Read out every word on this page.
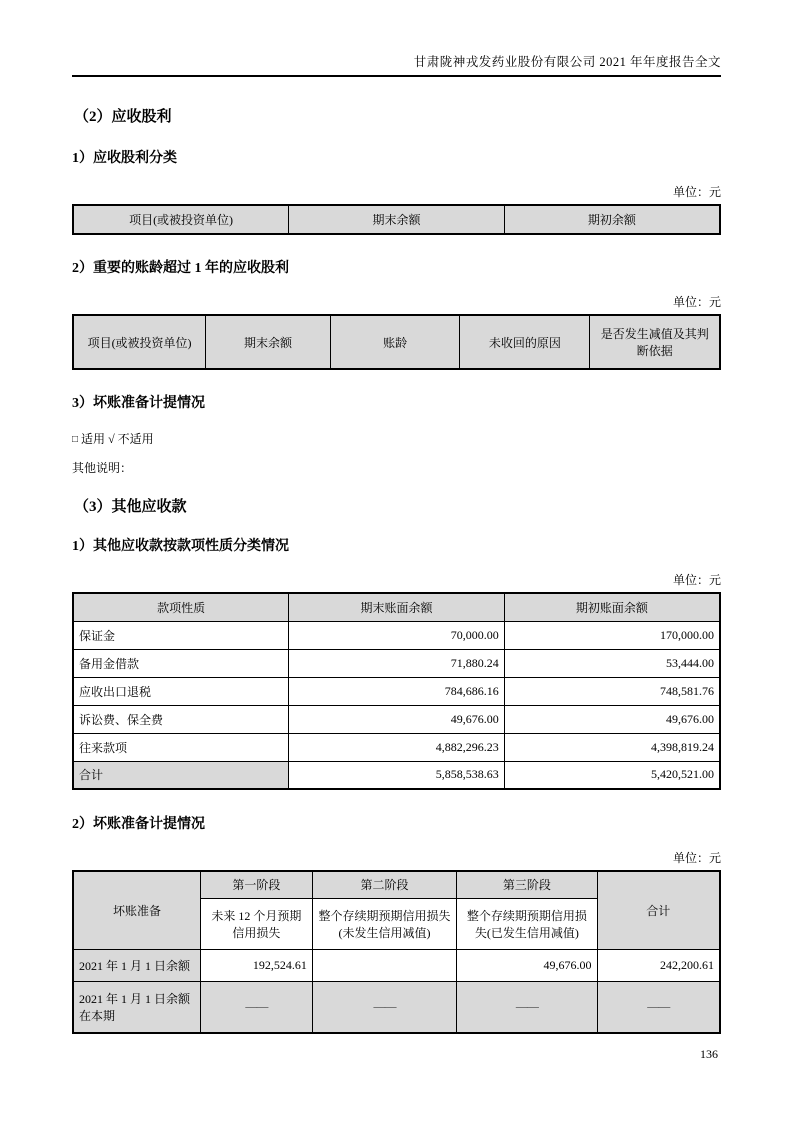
甘肃陇神戎发药业股份有限公司 2021 年年度报告全文
（2）应收股利
1）应收股利分类
单位：元
项目(或被投资单位)	期末余额	期初余额
2）重要的账龄超过 1 年的应收股利
单位：元
项目(或被投资单位)	期末余额	账龄	未收回的原因	是否发生减值及其判断依据
3）坏账准备计提情况
□ 适用 √ 不适用
其他说明：
（3）其他应收款
1）其他应收款按款项性质分类情况
单位：元
款项性质	期末账面余额	期初账面余额
保证金	70,000.00	170,000.00
备用金借款	71,880.24	53,444.00
应收出口退税	784,686.16	748,581.76
诉讼费、保全费	49,676.00	49,676.00
往来款项	4,882,296.23	4,398,819.24
合计	5,858,538.63	5,420,521.00
2）坏账准备计提情况
单位：元
坏账准备	第一阶段	第二阶段	第三阶段	合计
	未来 12 个月预期信用损失	整个存续期预期信用损失(未发生信用减值)	整个存续期预期信用损失(已发生信用减值)	
2021 年 1 月 1 日余额	192,524.61		49,676.00	242,200.61
2021 年 1 月 1 日余额在本期	——	——	——	——
136
